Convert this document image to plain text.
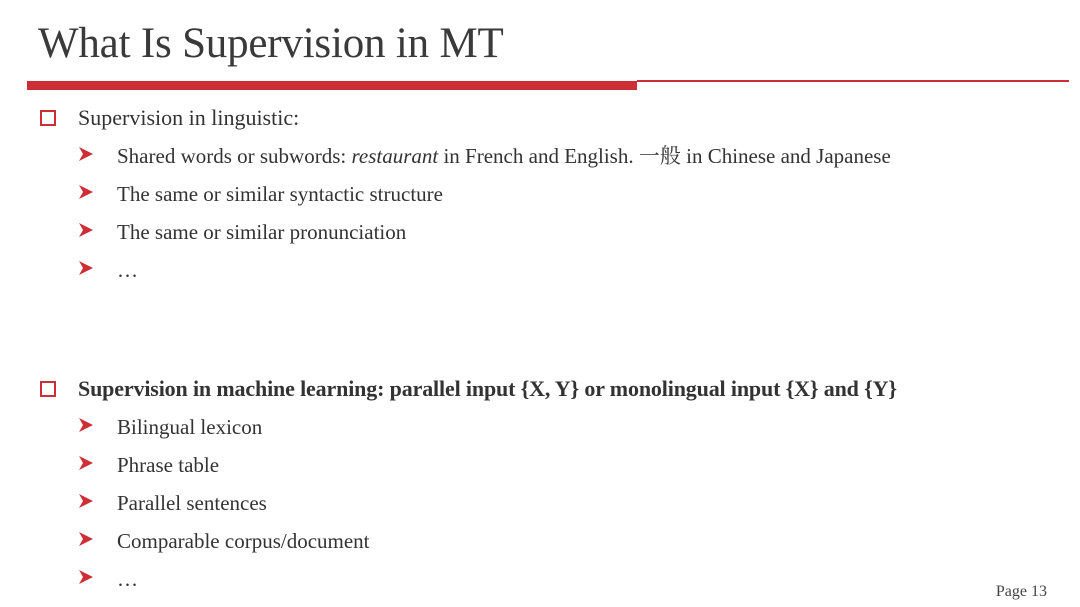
What Is Supervision in MT
Supervision in linguistic:
Shared words or subwords: restaurant in French and English. 一般 in Chinese and Japanese
The same or similar syntactic structure
The same or similar pronunciation
…
Supervision in machine learning: parallel input {X, Y} or monolingual input {X} and {Y}
Bilingual lexicon
Phrase table
Parallel sentences
Comparable corpus/document
…
Page 13
